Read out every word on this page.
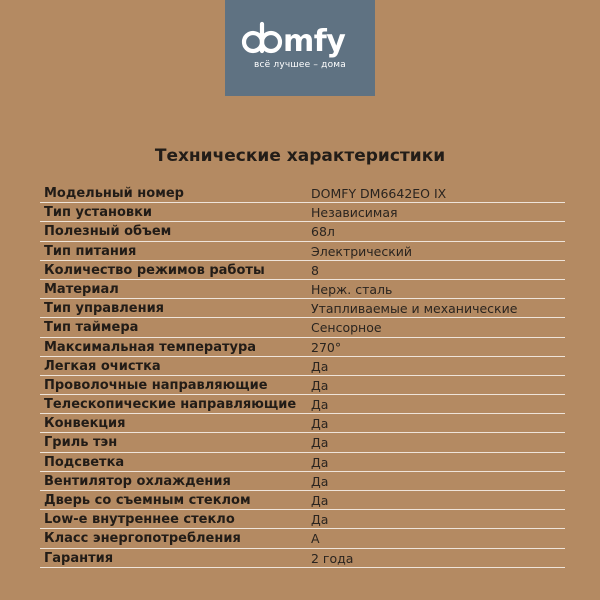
mfy
всё лучшее – дома
Технические характеристики
Модельный номер	DOMFY DM6642EO IX
Тип установки	Независимая
Полезный объем	68л
Тип питания	Электрический
Количество режимов работы	8
Материал	Нерж. сталь
Тип управления	Утапливаемые и механические
Тип таймера	Сенсорное
Максимальная температура	270°
Легкая очистка	Да
Проволочные направляющие	Да
Телескопические направляющие Да
Конвекция	Да
Гриль тэн	Да
Подсветка	Да
Вентилятор охлаждения	Да
Дверь со съемным стеклом	Да
Low-e внутреннее стекло	Да
Класс энергопотребления	A
Гарантия	2 года
